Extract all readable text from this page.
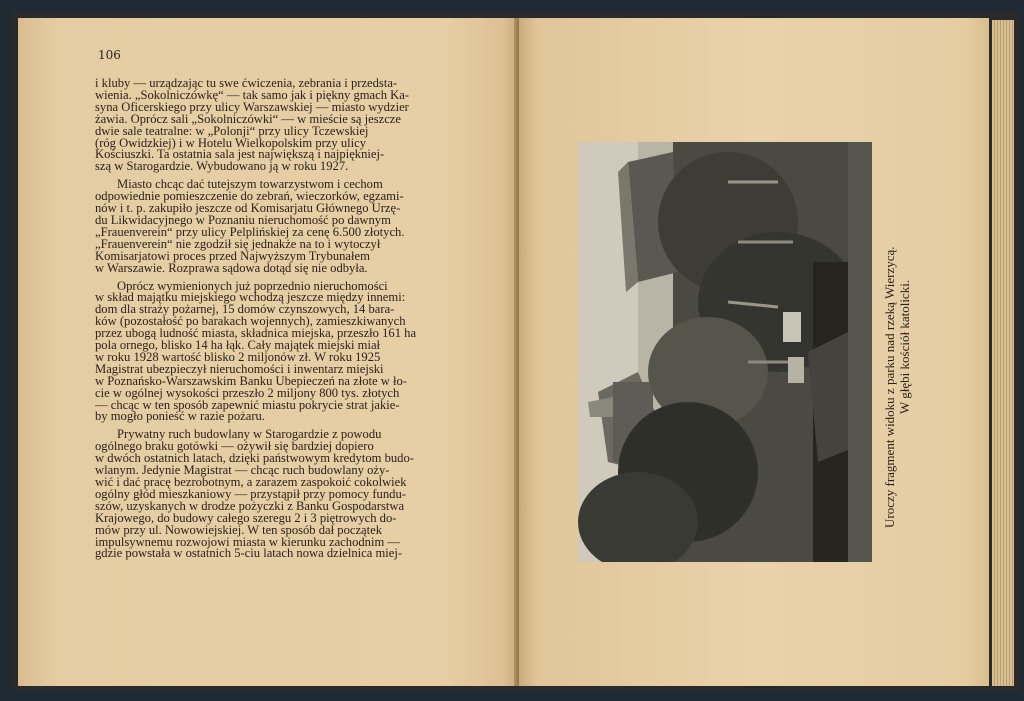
106
i kluby — urządzając tu swe ćwiczenia, zebrania i przedsta-
wienia. „Sokolniczówkę“ — tak samo jak i piękny gmach Ka-
syna Oficerskiego przy ulicy Warszawskiej — miasto wydzier
żawia. Oprócz sali „Sokolniczówki“ — w mieście są jeszcze
dwie sale teatralne: w „Polonji“ przy ulicy Tczewskiej
(róg Owidzkiej) i w Hotelu Wielkopolskim przy ulicy
Kościuszki. Ta ostatnia sala jest największą i najpiękniej-
szą w Starogardzie. Wybudowano ją w roku 1927.
Miasto chcąc dać tutejszym towarzystwom i cechom
odpowiednie pomieszczenie do zebrań, wieczorków, egzami-
nów i t. p. zakupiło jeszcze od Komisarjatu Głównego Urzę-
du Likwidacyjnego w Poznaniu nieruchomość po dawnym
„Frauenverein“ przy ulicy Pelplińskiej za cenę 6.500 złotych.
„Frauenverein“ nie zgodził się jednakże na to i wytoczył
Komisarjatowi proces przed Najwyższym Trybunałem
w Warszawie. Rozprawa sądowa dotąd się nie odbyła.
Oprócz wymienionych już poprzednio nieruchomości
w skład majątku miejskiego wchodzą jeszcze między innemi:
dom dla straży pożarnej, 15 domów czynszowych, 14 bara-
ków (pozostałość po barakach wojennych), zamieszkiwanych
przez ubogą ludność miasta, składnica miejska, przeszło 161 ha
pola ornego, blisko 14 ha łąk. Cały majątek miejski miał
w roku 1928 wartość blisko 2 miljonów zł. W roku 1925
Magistrat ubezpieczył nieruchomości i inwentarz miejski
w Poznańsko-Warszawskim Banku Ubepieczeń na złote w ło-
cie w ogólnej wysokości przeszło 2 miljony 800 tys. złotych
— chcąc w ten sposób zapewnić miastu pokrycie strat jakie-
by mogło ponieść w razie pożaru.
Prywatny ruch budowlany w Starogardzie z powodu
ogólnego braku gotówki — ożywił się bardziej dopiero
w dwóch ostatnich latach, dzięki państwowym kredytom budo-
wlanym. Jedynie Magistrat — chcąc ruch budowlany oży-
wić i dać pracę bezrobotnym, a zarazem zaspokoić cokolwiek
ogólny głód mieszkaniowy — przystąpił przy pomocy fundu-
szów, uzyskanych w drodze pożyczki z Banku Gospodarstwa
Krajowego, do budowy całego szeregu 2 i 3 piętrowych do-
mów przy ul. Nowowiejskiej. W ten sposób dał początek
impulsywnemu rozwojowi miasta w kierunku zachodnim —
gdzie powstała w ostatnich 5-ciu latach nowa dzielnica miej-
Uroczy fragment widoku z parku nad rzeką Wierzycą. W głębi kościół katolicki.
